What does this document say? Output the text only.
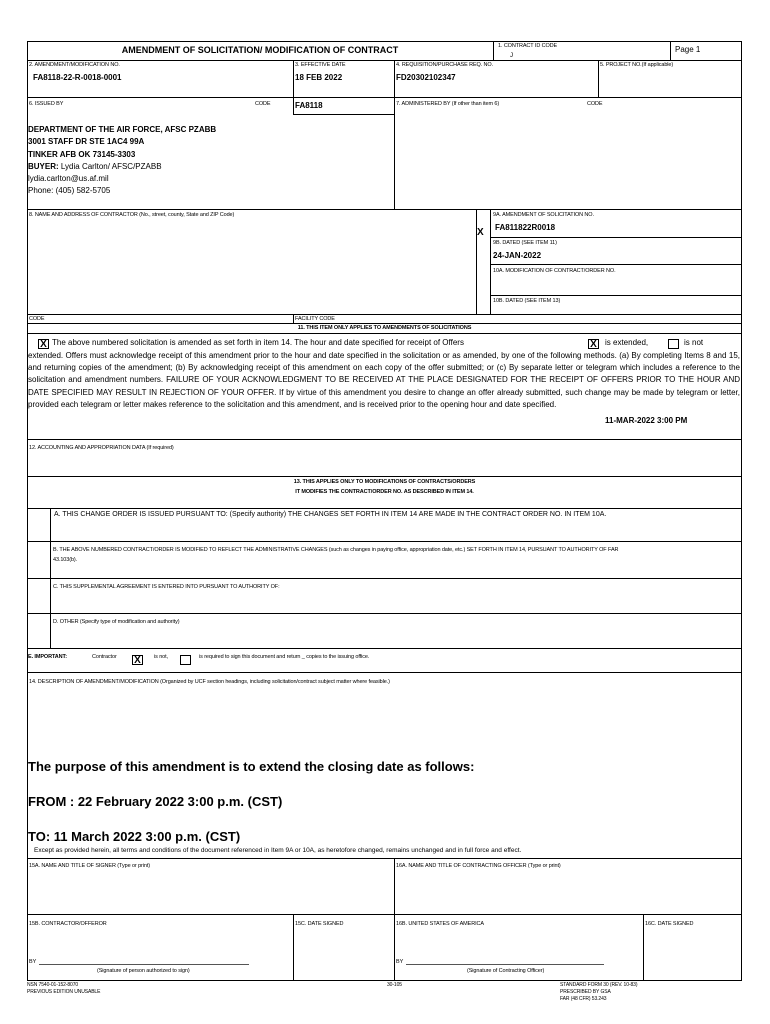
AMENDMENT OF SOLICITATION/ MODIFICATION OF CONTRACT	1. CONTRACT ID CODE
J
Page 1
2. AMENDMENT/MODIFICATION NO.
FA8118-22-R-0018-0001
3. EFFECTIVE DATE
18 FEB 2022
4. REQUISITION/PURCHASE REQ. NO.
FD20302102347
5. PROJECT NO.(If applicable)
6. ISSUED BY	CODE	FA8118	7. ADMINISTERED BY (If other than item 6)	CODE
DEPARTMENT OF THE AIR FORCE, AFSC PZABB
3001 STAFF DR STE 1AC4 99A
TINKER AFB OK 73145-3303
BUYER: Lydia Carlton/ AFSC/PZABB
lydia.carlton@us.af.mil
Phone: (405) 582-5705
8. NAME AND ADDRESS OF CONTRACTOR (No., street, county, State and ZIP Code)
X
9A. AMENDMENT OF SOLICITATION NO.
FA811822R0018
9B. DATED (SEE ITEM 11)
24-JAN-2022
10A. MODIFICATION OF CONTRACT/ORDER NO.
10B. DATED (SEE ITEM 13)
CODE	FACILITY CODE
11. THIS ITEM ONLY APPLIES TO AMENDMENTS OF SOLICITATIONS
X The above numbered solicitation is amended as set forth in item 14. The hour and date specified for receipt of Offers	X is extended,	is not
extended. Offers must acknowledge receipt of this amendment prior to the hour and date specified in the solicitation or as amended, by one of the following methods. (a) By completing Items 8 and 15, and returning copies of the amendment; (b) By acknowledging receipt of this amendment on each copy of the offer submitted; or (c) By separate letter or telegram which includes a reference to the solicitation and amendment numbers. FAILURE OF YOUR ACKNOWLEDGMENT TO BE RECEIVED AT THE PLACE DESIGNATED FOR THE RECEIPT OF OFFERS PRIOR TO THE HOUR AND DATE SPECIFIED MAY RESULT IN REJECTION OF YOUR OFFER. If by virtue of this amendment you desire to change an offer already submitted, such change may be made by telegram or letter, provided each telegram or letter makes reference to the solicitation and this amendment, and is received prior to the opening hour and date specified.
11-MAR-2022 3:00 PM
12. ACCOUNTING AND APPROPRIATION DATA (If required)
13. THIS APPLIES ONLY TO MODIFICATIONS OF CONTRACTS/ORDERS
IT MODIFIES THE CONTRACT/ORDER NO. AS DESCRIBED IN ITEM 14.
A. THIS CHANGE ORDER IS ISSUED PURSUANT TO: (Specify authority) THE CHANGES SET FORTH IN ITEM 14 ARE MADE IN THE CONTRACT ORDER NO. IN ITEM 10A.
B. THE ABOVE NUMBERED CONTRACT/ORDER IS MODIFIED TO REFLECT THE ADMINISTRATIVE CHANGES (such as changes in paying office, appropriation date, etc.) SET FORTH IN ITEM 14, PURSUANT TO AUTHORITY OF FAR
43.103(b).
C. THIS SUPPLEMENTAL AGREEMENT IS ENTERED INTO PURSUANT TO AUTHORITY OF:
D. OTHER (Specify type of modification and authority)
E. IMPORTANT:	Contractor X	is not,	is required to sign this document and return _ copies to the issuing office.
14. DESCRIPTION OF AMENDMENT/MODIFICATION (Organized by UCF section headings, including solicitation/contract subject matter where feasible.)
The purpose of this amendment is to extend the closing date as follows:
FROM : 22 February 2022 3:00 p.m. (CST)
TO: 11 March 2022 3:00 p.m. (CST)
Except as provided herein, all terms and conditions of the document referenced in Item 9A or 10A, as heretofore changed, remains unchanged and in full force and effect.
15A. NAME AND TITLE OF SIGNER (Type or print)	16A. NAME AND TITLE OF CONTRACTING OFFICER (Type or print)
15B. CONTRACTOR/OFFEROR	15C. DATE SIGNED	16B. UNITED STATES OF AMERICA	16C. DATE SIGNED
BY
(Signature of person authorized to sign)
BY
(Signature of Contracting Officer)
NSN 7540-01-152-8070
PREVIOUS EDITION UNUSABLE
30-105	STANDARD FORM 30 (REV. 10-83)
PRESCRIBED BY GSA
FAR (48 CFR) 53.243
